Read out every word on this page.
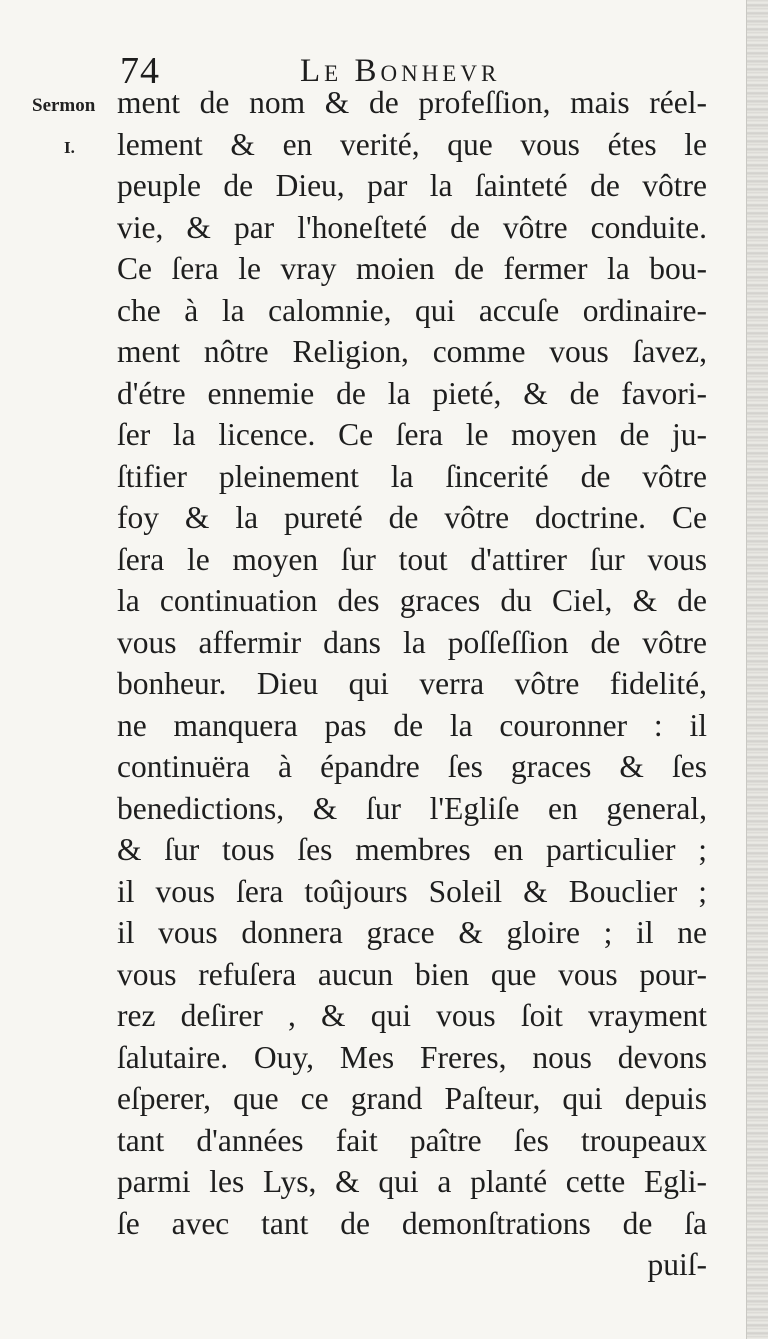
74	Le Bonhevr
Sermon
I.
ment de nom & de profeſſion, mais réel-
lement & en verité, que vous étes le
peuple de Dieu, par la ſainteté de vôtre
vie, & par l'honeſteté de vôtre conduite.
Ce ſera le vray moien de fermer la bou-
che à la calomnie, qui accuſe ordinaire-
ment nôtre Religion, comme vous ſavez,
d'étre ennemie de la pieté, & de favori-
ſer la licence. Ce ſera le moyen de ju-
ſtifier pleinement la ſincerité de vôtre
foy & la pureté de vôtre doctrine. Ce
ſera le moyen ſur tout d'attirer ſur vous
la continuation des graces du Ciel, & de
vous affermir dans la poſſeſſion de vôtre
bonheur. Dieu qui verra vôtre fidelité,
ne manquera pas de la couronner : il
continuëra à épandre ſes graces & ſes
benedictions, & ſur l'Egliſe en general,
& ſur tous ſes membres en particulier ;
il vous ſera toûjours Soleil & Bouclier ;
il vous donnera grace & gloire ; il ne
vous refuſera aucun bien que vous pour-
rez deſirer , & qui vous ſoit vrayment
ſalutaire. Ouy, Mes Freres, nous devons
eſperer, que ce grand Paſteur, qui depuis
tant d'années fait paître ſes troupeaux
parmi les Lys, & qui a planté cette Egli-
ſe avec tant de demonſtrations de ſa
puiſ-
